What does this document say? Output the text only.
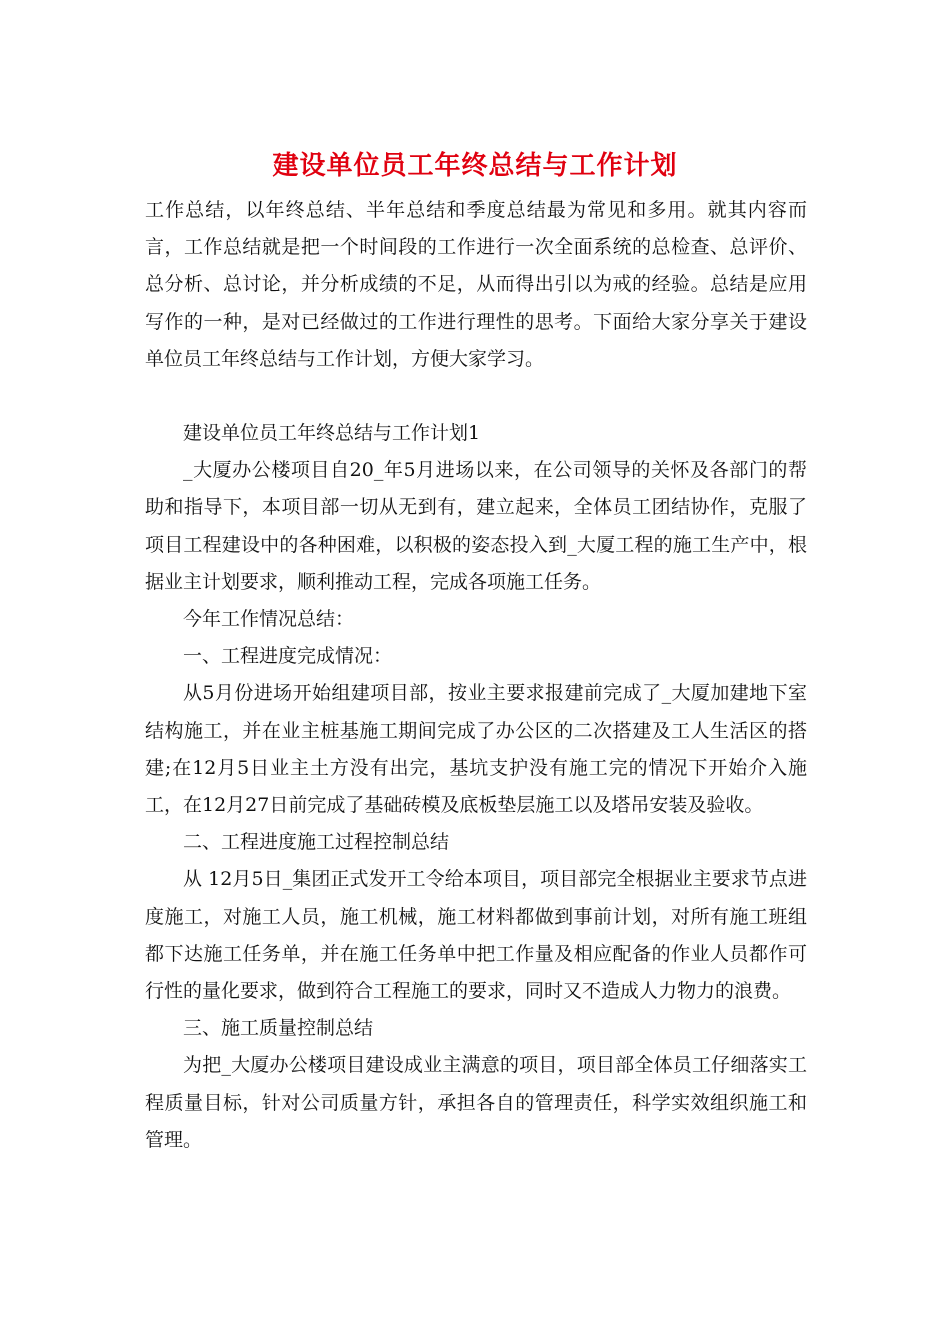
建设单位员工年终总结与工作计划

工作总结，以年终总结、半年总结和季度总结最为常见和多用。就其内容而言，工作总结就是把一个时间段的工作进行一次全面系统的总检查、总评价、总分析、总讨论，并分析成绩的不足，从而得出引以为戒的经验。总结是应用写作的一种，是对已经做过的工作进行理性的思考。下面给大家分享关于建设单位员工年终总结与工作计划，方便大家学习。

建设单位员工年终总结与工作计划1

_大厦办公楼项目自20_年5月进场以来，在公司领导的关怀及各部门的帮助和指导下，本项目部一切从无到有，建立起来，全体员工团结协作，克服了项目工程建设中的各种困难，以积极的姿态投入到_大厦工程的施工生产中，根据业主计划要求，顺利推动工程，完成各项施工任务。

今年工作情况总结：

一、工程进度完成情况：

从5月份进场开始组建项目部，按业主要求报建前完成了_大厦加建地下室结构施工，并在业主桩基施工期间完成了办公区的二次搭建及工人生活区的搭建;在12月5日业主土方没有出完，基坑支护没有施工完的情况下开始介入施工，在12月27日前完成了基础砖模及底板垫层施工以及塔吊安装及验收。

二、工程进度施工过程控制总结

从 12月5日_集团正式发开工令给本项目，项目部完全根据业主要求节点进度施工，对施工人员，施工机械，施工材料都做到事前计划，对所有施工班组都下达施工任务单，并在施工任务单中把工作量及相应配备的作业人员都作可行性的量化要求，做到符合工程施工的要求，同时又不造成人力物力的浪费。

三、施工质量控制总结

为把_大厦办公楼项目建设成业主满意的项目，项目部全体员工仔细落实工程质量目标，针对公司质量方针，承担各自的管理责任，科学实效组织施工和管理。
